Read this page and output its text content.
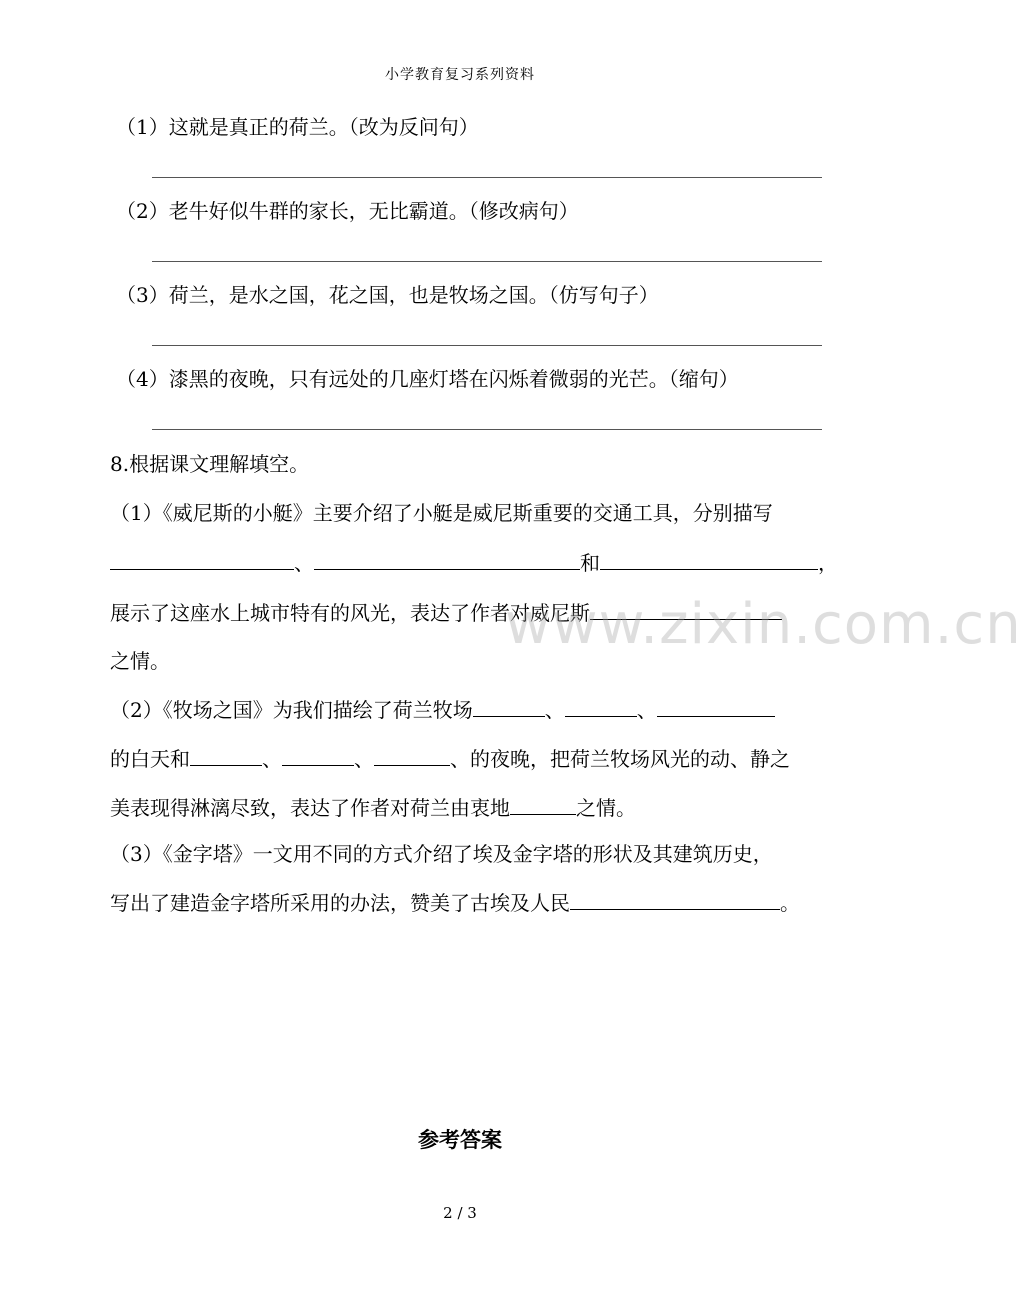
小学教育复习系列资料
（1）这就是真正的荷兰。（改为反问句）
（2）老牛好似牛群的家长，无比霸道。（修改病句）
（3）荷兰，是水之国，花之国，也是牧场之国。（仿写句子）
（4）漆黑的夜晚，只有远处的几座灯塔在闪烁着微弱的光芒。（缩句）
8.根据课文理解填空。
（1）《威尼斯的小艇》主要介绍了小艇是威尼斯重要的交通工具，分别描写
、	和	，
展示了这座水上城市特有的风光，表达了作者对威尼斯
之情。
（2）《牧场之国》为我们描绘了荷兰牧场	、	、
的白天和	、	、	、的夜晚，把荷兰牧场风光的动、静之
美表现得淋漓尽致，表达了作者对荷兰由衷地	之情。
（3）《金字塔》一文用不同的方式介绍了埃及金字塔的形状及其建筑历史，
写出了建造金字塔所采用的办法，赞美了古埃及人民	。
www.zixin.com.cn
参考答案
2 / 3
